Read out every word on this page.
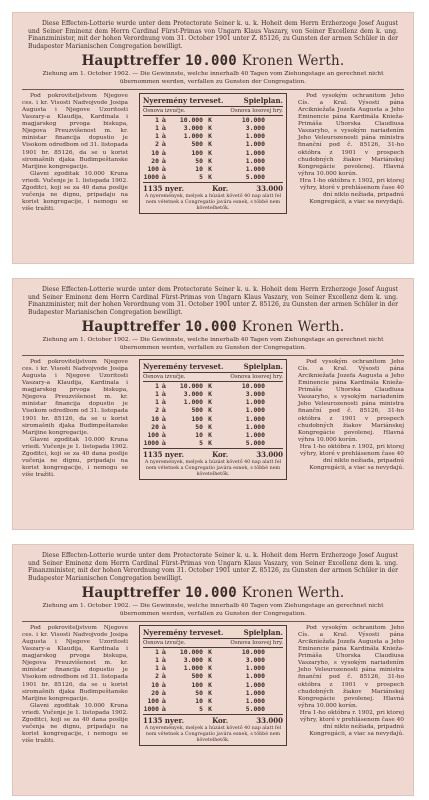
Diese Effecten-Lotterie wurde unter dem Protectorate Seiner k. u. k. Hoheit dem Herrn Erzherzoge Josef August und Seiner Eminenz dem Herrn Cardinal Fürst-Primas von Ungarn Klaus Vaszary, von Seiner Excellenz dem k. ung. Finanzminister, mit der hohen Verordnung vom 31. October 1901 unter Z. 85126, zu Gunsten der armen Schüler in der Budapester Marianischen Congregation bewilligt.
Haupttreffer 10.000 Kronen Werth.
Ziehung am 1. October 1902. — Die Gewinnste, welche innerhalb 40 Tagen vom Ziehungstage an gerechnet nicht übernommen werden, verfallen zu Gunsten der Congregation.

Pod pokroviteljstvom Njegove ces. i kr. Visosti Nadvojvode Josipa Augusta i Njegove Uzoritosti Vaszary-a Klaudija, Kardinala i magjarskog prvoga biskupa, Njegova Preuzvišenost m. kr. ministar financija dopustio je Visokom odredbom od 31. listopada 1901 br. 85126, da se u korist siromašnih djaka Budimpeštanske Marijine kongregacije.

Glavni zgoditak 10.000 Kruna vriedi. Vučenje je 1. listopada 1902. Zgoditci, koji se za 40 dana poslije vučenja ne dignu, pripadaju na korist kongregacije, i nemogu se više tražiti.

Nyeremény terveset.	Spielplan.
Osnova izvučje.	Osnova losovej hry.
1 à	10.000 K	10.000
1 à	3.000 K	3.000
1 à	1.000 K	1.000
2 à	500 K	1.000
10 à	100 K	1.000
20 à	50 K	1.000
100 à	10 K	1.000
1000 à	5 K	5.000
1135 nyer.	Kor.	33.000
A nyeremények, melyek a húzást követő 40 nap alatt fel nem vétetnek a Congregatio javára esnek, s többé nem követelhetők.

Pod vysokým ochranitom Jeho Cís. a Kral. Výsosti pána Arcikniežaťa Jozefa Augusta a Jeho Eminencie pána Kardinála Knieža-Primáša Uhorska Claudiusa Vaszaryho, s vysokým nariadením Jeho Veleurozenosti pána ministra finanční pod č. 85126, 31-ho októbra z 1901 v prospech chudobných žiakov Mariánskej Kongregácie povolenej. Hlavná výhra 10.000 korún.

Hra 1-ho októbra r. 1902, pri ktorej výhry, ktoré v prehlásenom čase 40 dní nikto nežiada, pripadnú Kongregácii, a viac sa nevydajú.

Diese Effecten-Lotterie wurde unter dem Protectorate Seiner k. u. k. Hoheit dem Herrn Erzherzoge Josef August und Seiner Eminenz dem Herrn Cardinal Fürst-Primas von Ungarn Klaus Vaszary, von Seiner Excellenz dem k. ung. Finanzminister, mit der hohen Verordnung vom 31. October 1901 unter Z. 85126, zu Gunsten der armen Schüler in der Budapester Marianischen Congregation bewilligt.
Haupttreffer 10.000 Kronen Werth.
Ziehung am 1. October 1902. — Die Gewinnste, welche innerhalb 40 Tagen vom Ziehungstage an gerechnet nicht übernommen werden, verfallen zu Gunsten der Congregation.

Pod pokroviteljstvom Njegove ces. i kr. Visosti Nadvojvode Josipa Augusta i Njegove Uzoritosti Vaszary-a Klaudija, Kardinala i magjarskog prvoga biskupa, Njegova Preuzvišenost m. kr. ministar financija dopustio je Visokom odredbom od 31. listopada 1901 br. 85126, da se u korist siromašnih djaka Budimpeštanske Marijine kongregacije.

Glavni zgoditak 10.000 Kruna vriedi. Vučenje je 1. listopada 1902. Zgoditci, koji se za 40 dana poslije vučenja ne dignu, pripadaju na korist kongregacije, i nemogu se više tražiti.

Nyeremény terveset.	Spielplan.
Osnova izvučje.	Osnova losovej hry.
1 à	10.000 K	10.000
1 à	3.000 K	3.000
1 à	1.000 K	1.000
2 à	500 K	1.000
10 à	100 K	1.000
20 à	50 K	1.000
100 à	10 K	1.000
1000 à	5 K	5.000
1135 nyer.	Kor.	33.000
A nyeremények, melyek a húzást követő 40 nap alatt fel nem vétetnek a Congregatio javára esnek, s többé nem követelhetők.

Pod vysokým ochranitom Jeho Cís. a Kral. Výsosti pána Arcikniežaťa Jozefa Augusta a Jeho Eminencie pána Kardinála Knieža-Primáša Uhorska Claudiusa Vaszaryho, s vysokým nariadením Jeho Veleurozenosti pána ministra finanční pod č. 85126, 31-ho októbra z 1901 v prospech chudobných žiakov Mariánskej Kongregácie povolenej. Hlavná výhra 10.000 korún.

Hra 1-ho októbra r. 1902, pri ktorej výhry, ktoré v prehlásenom čase 40 dní nikto nežiada, pripadnú Kongregácii, a viac sa nevydajú.

Diese Effecten-Lotterie wurde unter dem Protectorate Seiner k. u. k. Hoheit dem Herrn Erzherzoge Josef August und Seiner Eminenz dem Herrn Cardinal Fürst-Primas von Ungarn Klaus Vaszary, von Seiner Excellenz dem k. ung. Finanzminister, mit der hohen Verordnung vom 31. October 1901 unter Z. 85126, zu Gunsten der armen Schüler in der Budapester Marianischen Congregation bewilligt.
Haupttreffer 10.000 Kronen Werth.
Ziehung am 1. October 1902. — Die Gewinnste, welche innerhalb 40 Tagen vom Ziehungstage an gerechnet nicht übernommen werden, verfallen zu Gunsten der Congregation.

Pod pokroviteljstvom Njegove ces. i kr. Visosti Nadvojvode Josipa Augusta i Njegove Uzoritosti Vaszary-a Klaudija, Kardinala i magjarskog prvoga biskupa, Njegova Preuzvišenost m. kr. ministar financija dopustio je Visokom odredbom od 31. listopada 1901 br. 85126, da se u korist siromašnih djaka Budimpeštanske Marijine kongregacije.

Glavni zgoditak 10.000 Kruna vriedi. Vučenje je 1. listopada 1902. Zgoditci, koji se za 40 dana poslije vučenja ne dignu, pripadaju na korist kongregacije, i nemogu se više tražiti.

Nyeremény terveset.	Spielplan.
Osnova izvučje.	Osnova losovej hry.
1 à	10.000 K	10.000
1 à	3.000 K	3.000
1 à	1.000 K	1.000
2 à	500 K	1.000
10 à	100 K	1.000
20 à	50 K	1.000
100 à	10 K	1.000
1000 à	5 K	5.000
1135 nyer.	Kor.	33.000
A nyeremények, melyek a húzást követő 40 nap alatt fel nem vétetnek a Congregatio javára esnek, s többé nem követelhetők.

Pod vysokým ochranitom Jeho Cís. a Kral. Výsosti pána Arcikniežaťa Jozefa Augusta a Jeho Eminencie pána Kardinála Knieža-Primáša Uhorska Claudiusa Vaszaryho, s vysokým nariadením Jeho Veleurozenosti pána ministra finanční pod č. 85126, 31-ho októbra z 1901 v prospech chudobných žiakov Mariánskej Kongregácie povolenej. Hlavná výhra 10.000 korún.

Hra 1-ho októbra r. 1902, pri ktorej výhry, ktoré v prehlásenom čase 40 dní nikto nežiada, pripadnú Kongregácii, a viac sa nevydajú.
